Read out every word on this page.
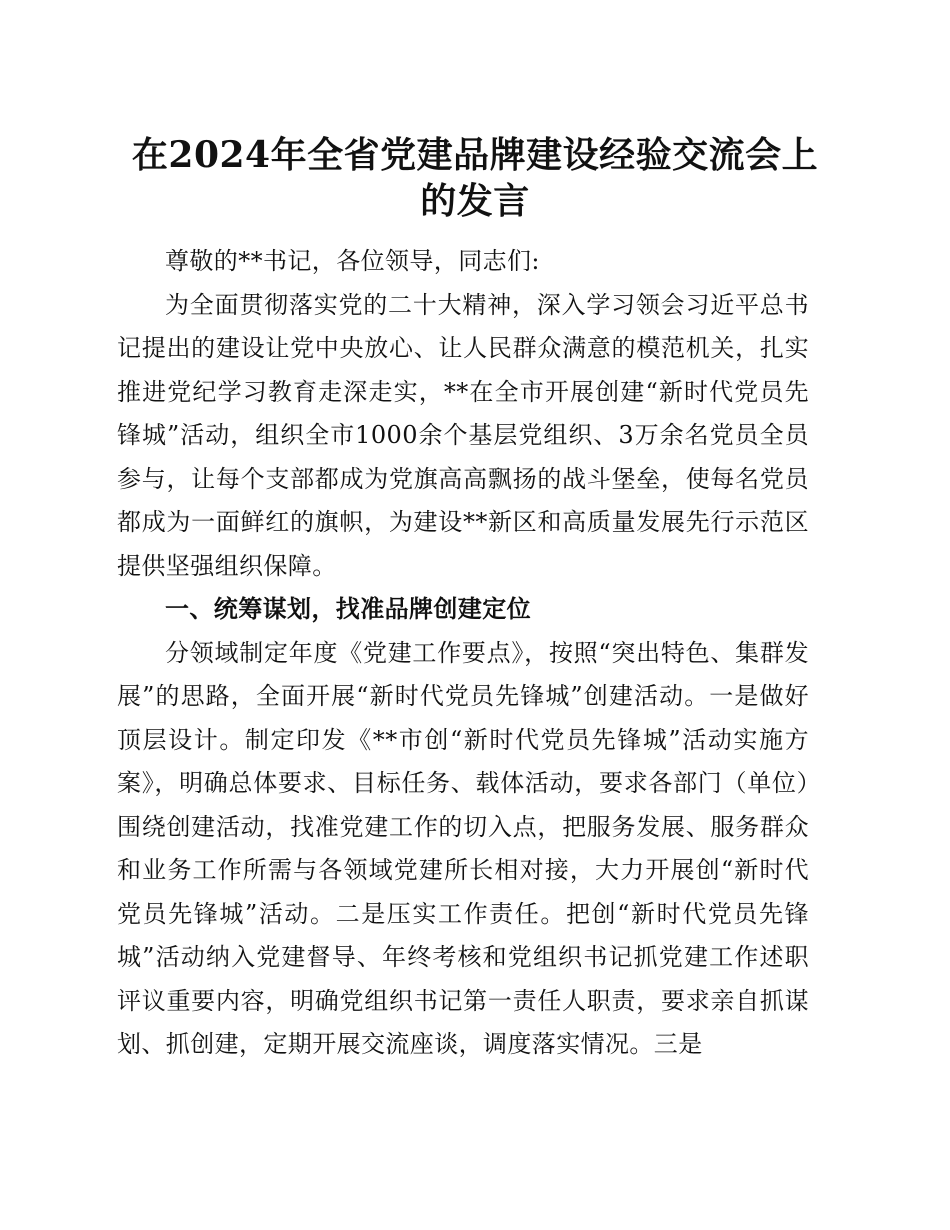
在2024年全省党建品牌建设经验交流会上的发言

尊敬的**书记，各位领导，同志们:

为全面贯彻落实党的二十大精神，深入学习领会习近平总书记提出的建设让党中央放心、让人民群众满意的模范机关，扎实推进党纪学习教育走深走实，**在全市开展创建“新时代党员先锋城”活动，组织全市1000余个基层党组织、3万余名党员全员参与，让每个支部都成为党旗高高飘扬的战斗堡垒，使每名党员都成为一面鲜红的旗帜，为建设**新区和高质量发展先行示范区提供坚强组织保障。

一、统筹谋划，找准品牌创建定位

分领域制定年度《党建工作要点》，按照“突出特色、集群发展”的思路，全面开展“新时代党员先锋城”创建活动。一是做好顶层设计。制定印发《**市创“新时代党员先锋城”活动实施方案》，明确总体要求、目标任务、载体活动，要求各部门（单位）围绕创建活动，找准党建工作的切入点，把服务发展、服务群众和业务工作所需与各领域党建所长相对接，大力开展创“新时代党员先锋城”活动。二是压实工作责任。把创“新时代党员先锋城”活动纳入党建督导、年终考核和党组织书记抓党建工作述职评议重要内容，明确党组织书记第一责任人职责，要求亲自抓谋划、抓创建，定期开展交流座谈，调度落实情况。三是
